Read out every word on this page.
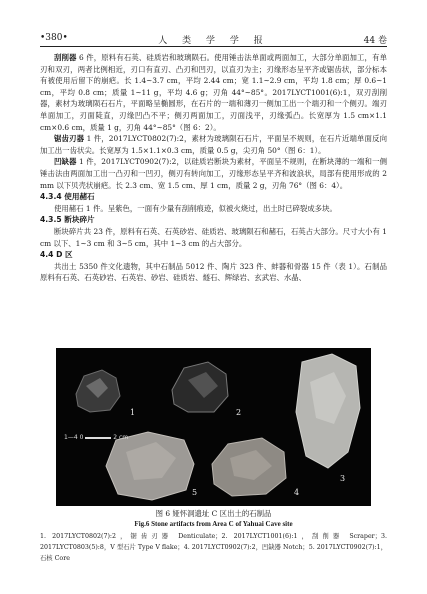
•380•	人 类 学 学 报	44 卷

刮削器 6 件，原料有石英、硅质岩和玻璃陨石。使用锤击法单面或两面加工，大部分单面加工，有单刃和双刃，两者比例相近，刃口有直刃、凸刃和凹刃，以直刃为主；刃缘形态呈平齐或锯齿状，部分标本有被使用后留下的崩疤。长 1.4~3.7 cm，平均 2.44 cm；宽 1.1~2.9 cm，平均 1.8 cm；厚 0.6~1 cm，平均 0.8 cm；质量 1~11 g，平均 4.6 g；刃角 44°~85°。2017LYCT1001(6):1，双刃刮削器，素材为玻璃陨石石片，平面略呈椭圆形，在石片的一端和薄刃一侧加工出一个端刃和一个侧刃。端刃单面加工，刃面陡直，刃缘凹凸不平；侧刃两面加工，刃面浅平，刃缘弧凸。长宽厚为 1.5 cm×1.1 cm×0.6 cm，质量 1 g，刃角 44°~85°（图 6：2）。

锯齿刃器 1 件，2017LYCT0802(7):2，素材为玻璃陨石石片，平面呈不规则，在石片近端单面反向加工出一齿状尖。长宽厚为 1.5×1.1×0.3 cm，质量 0.5 g，尖刃角 50°（图 6：1）。

凹缺器 1 件，2017LYCT0902(7):2，以硅质岩断块为素材，平面呈不规则，在断块薄的一端和一侧锤击法由两面加工出一凸刃和一凹刃，侧刃有转向加工，刃缘形态呈平齐和波浪状，局部有使用形成的 2 mm 以下贝壳状崩疤。长 2.3 cm、宽 1.5 cm、厚 1 cm，质量 2 g，刃角 76°（图 6：4）。

4.3.4 使用赭石

使用赭石 1 件。呈紫色，一面有少量有刮削痕迹，似被火烧过，出土时已碎裂成多块。

4.3.5 断块碎片

断块碎片共 23 件，原料有石英、石英砂岩、硅质岩、玻璃陨石和赭石，石英占大部分。尺寸大小有 1 cm 以下、1~3 cm 和 3~5 cm，其中 1~3 cm 的占大部分。

4.4 D 区

共出土 5350 件文化遗物，其中石制品 5012 件、陶片 323 件、蚌器和骨器 15 件（表 1）。石制品原料有石英、石英砂岩、石英岩、砂岩、硅质岩、燧石、辉绿岩、玄武岩、水晶、

1	2
3
4
5
1—4 0	2 cm
图 6 娅怀洞遗址 C 区出土的石制品
Fig.6 Stone artifacts from Area C of Yahuai Cave site
1. 2017LYCT0802(7):2，锯齿刃器 Denticulate；2. 2017LYCT1001(6):1，刮削器 Scraper；3. 2017LYCT0803(5):8，V 型石片 Type V flake；4. 2017LYCT0902(7):2，凹缺器 Notch；5. 2017LYCT0902(7):1，石核 Core
